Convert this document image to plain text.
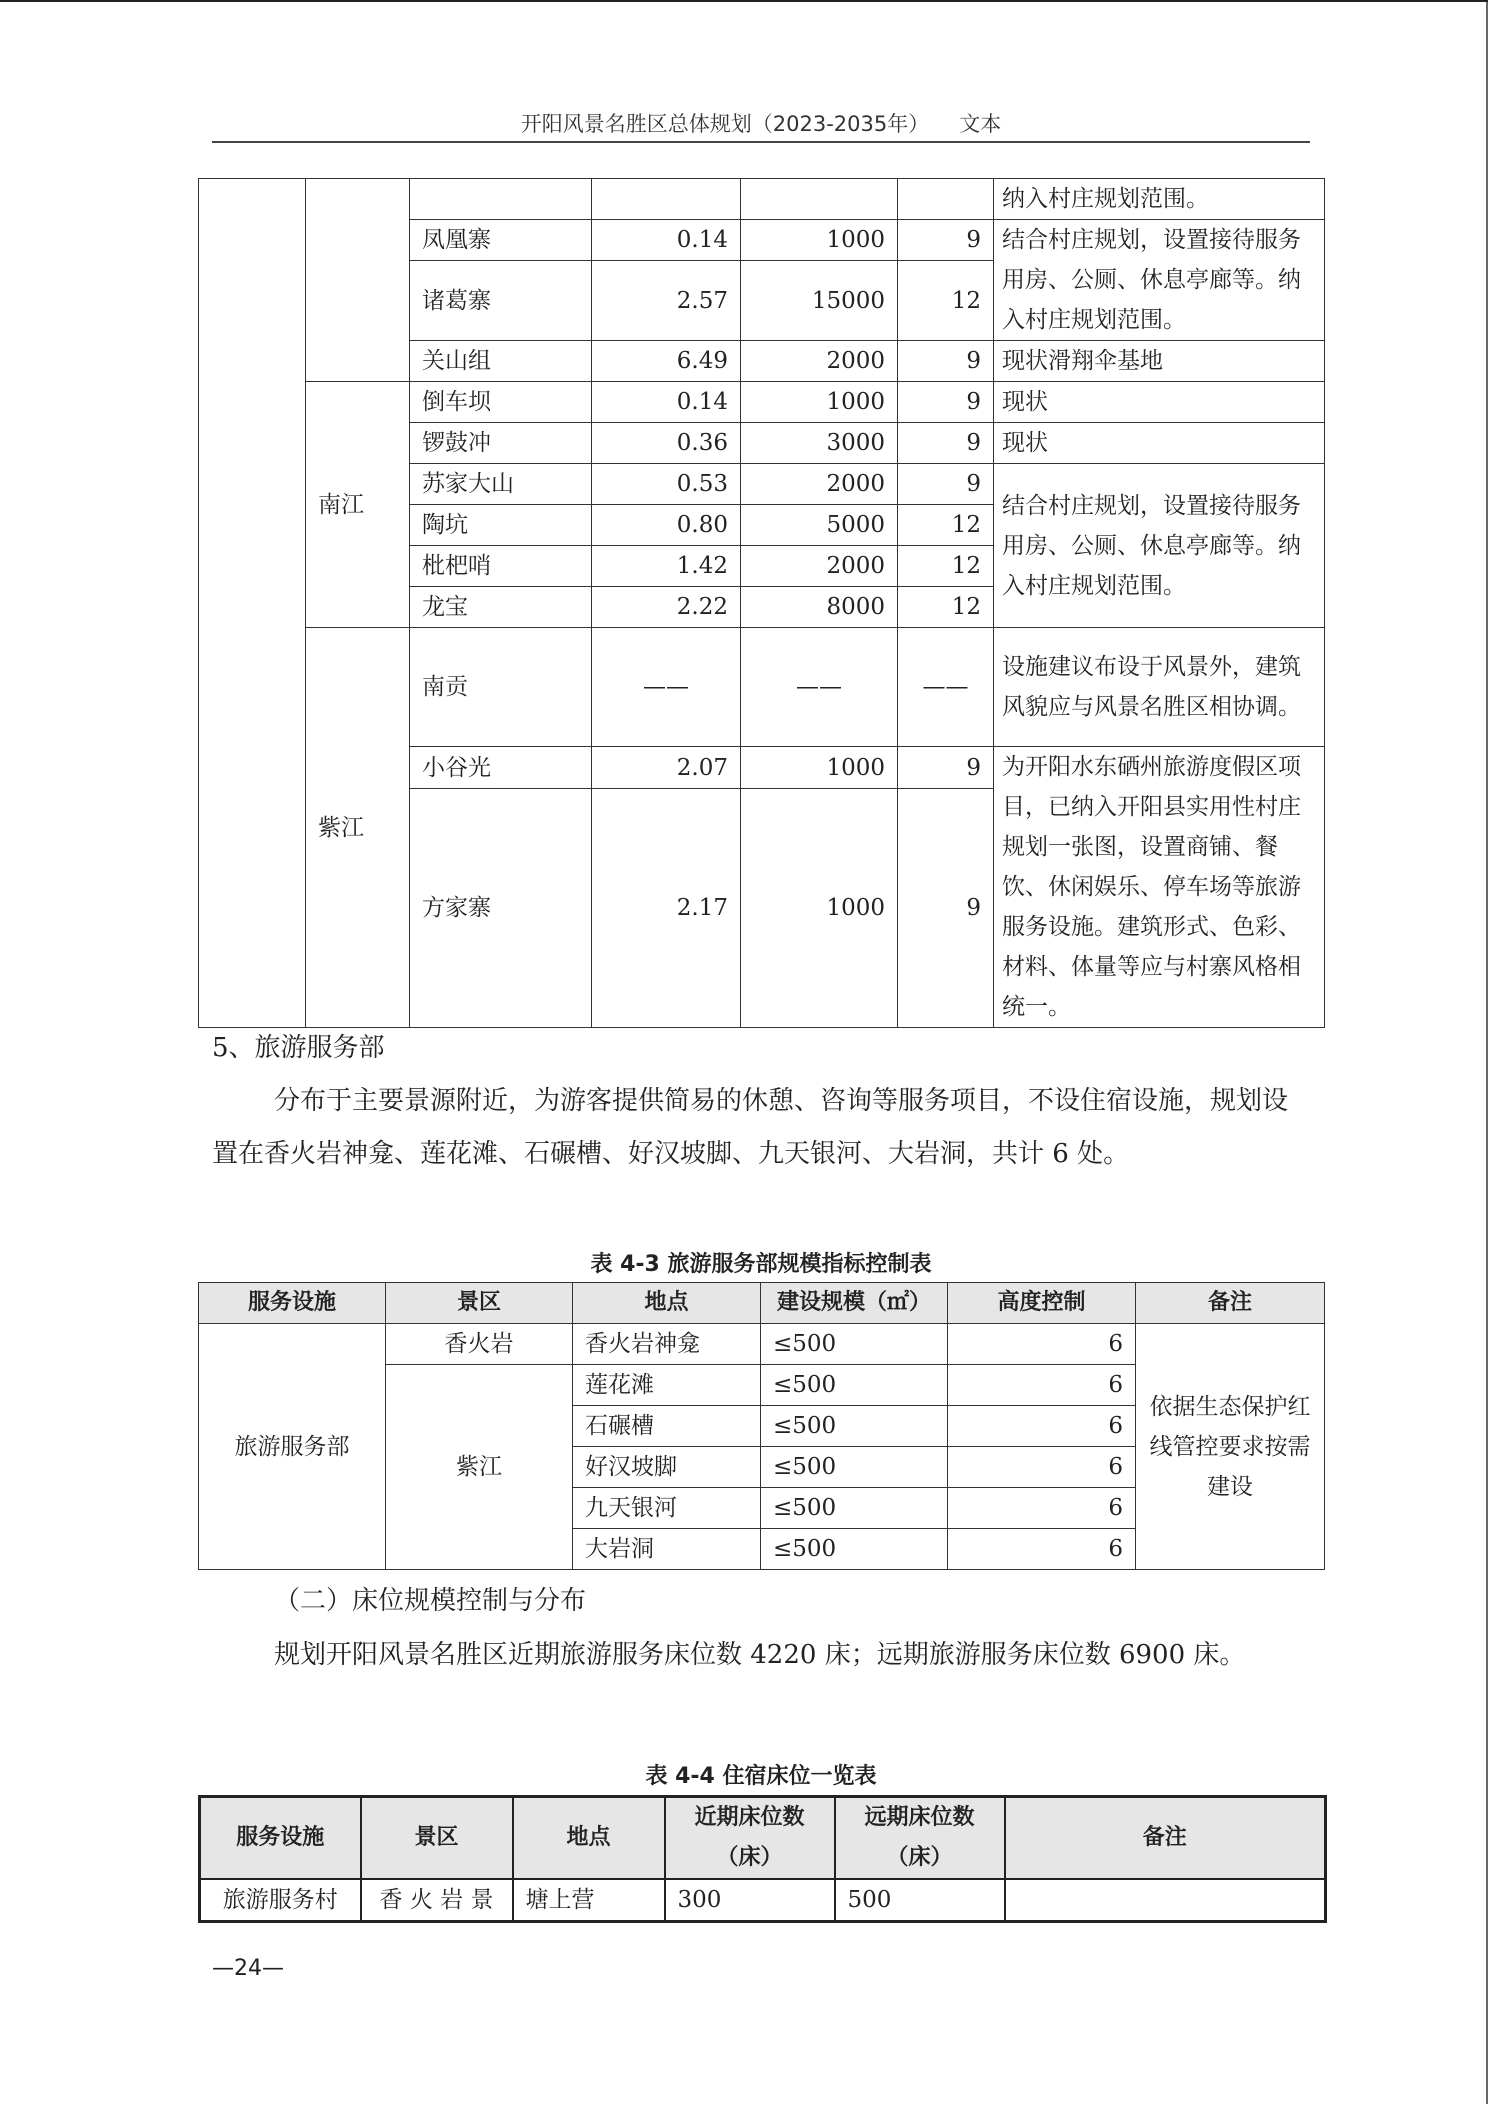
开阳风景名胜区总体规划（2023-2035年） 文本
						纳入村庄规划范围。
		凤凰寨	0.14	1000	9	结合村庄规划，设置接待服务用房、公厕、休息亭廊等。纳入村庄规划范围。
		诸葛寨	2.57	15000	12	
		关山组	6.49	2000	9	现状滑翔伞基地
	南江	倒车坝	0.14	1000	9	现状
		锣鼓冲	0.36	3000	9	现状
		苏家大山	0.53	2000	9	结合村庄规划，设置接待服务用房、公厕、休息亭廊等。纳入村庄规划范围。
		陶坑	0.80	5000	12	
		枇杷哨	1.42	2000	12	
		龙宝	2.22	8000	12	
	紫江	南贡	——	——	——	设施建议布设于风景外，建筑风貌应与风景名胜区相协调。
		小谷光	2.07	1000	9	为开阳水东硒州旅游度假区项目，已纳入开阳县实用性村庄规划一张图，设置商铺、餐饮、休闲娱乐、停车场等旅游服务设施。建筑形式、色彩、材料、体量等应与村寨风格相统一。
		方家寨	2.17	1000	9	
5、旅游服务部
分布于主要景源附近，为游客提供简易的休憩、咨询等服务项目，不设住宿设施，规划设置在香火岩神龛、莲花滩、石碾槽、好汉坡脚、九天银河、大岩洞，共计 6 处。
表 4-3 旅游服务部规模指标控制表
服务设施	景区	地点	建设规模（㎡）	高度控制	备注
旅游服务部	香火岩	香火岩神龛	≤500	6	依据生态保护红线管控要求按需建设
	紫江	莲花滩	≤500	6	
		石碾槽	≤500	6	
		好汉坡脚	≤500	6	
		九天银河	≤500	6	
		大岩洞	≤500	6	
（二）床位规模控制与分布
规划开阳风景名胜区近期旅游服务床位数 4220 床；远期旅游服务床位数 6900 床。
表 4-4 住宿床位一览表
服务设施	景区	地点	近期床位数（床）	远期床位数（床）	备注
旅游服务村	香 火 岩 景	塘上营	300	500	
—24—
